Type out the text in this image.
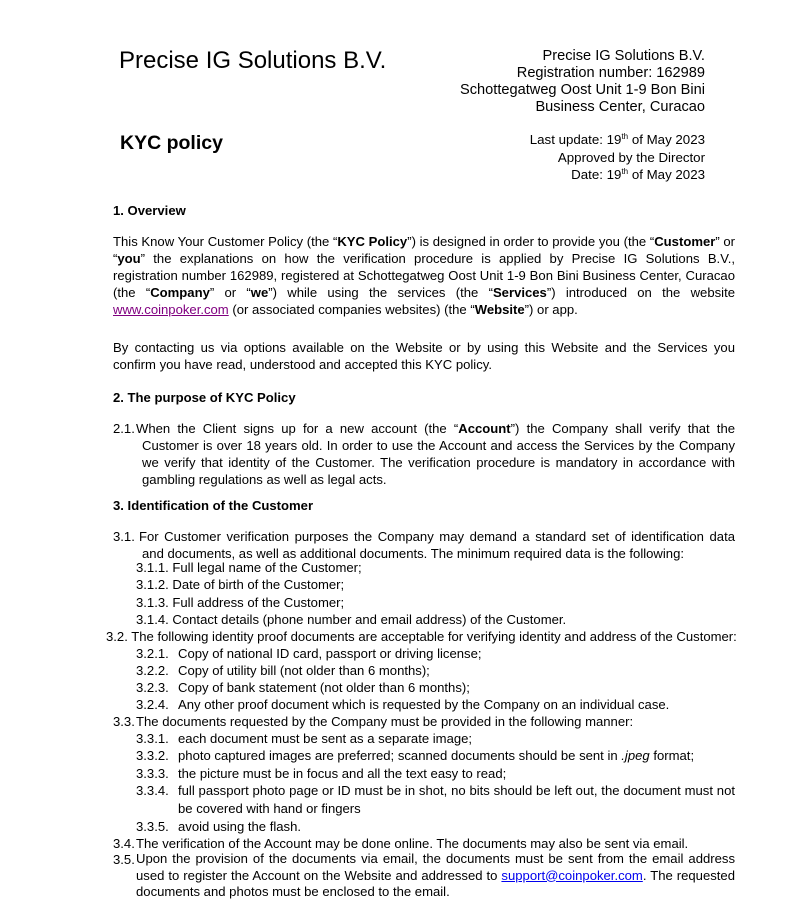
Precise IG Solutions B.V.	Precise IG Solutions B.V.
Registration number: 162989
Schottegatweg Oost Unit 1-9 Bon Bini
Business Center, Curacao
KYC policy	Last update: 19th of May 2023
Approved by the Director
Date: 19th of May 2023
1. Overview
This Know Your Customer Policy (the “KYC Policy”) is designed in order to provide you (the “Customer” or “you” the explanations on how the verification procedure is applied by Precise IG Solutions B.V., registration number 162989, registered at Schottegatweg Oost Unit 1-9 Bon Bini Business Center, Curacao (the “Company” or “we”) while using the services (the “Services”) introduced on the website www.coinpoker.com (or associated companies websites) (the “Website”) or app.
By contacting us via options available on the Website or by using this Website and the Services you confirm you have read, understood and accepted this KYC policy.
2. The purpose of KYC Policy
2.1. When the Client signs up for a new account (the “Account”) the Company shall verify that the Customer is over 18 years old. In order to use the Account and access the Services by the Company we verify that identity of the Customer. The verification procedure is mandatory in accordance with gambling regulations as well as legal acts.
3. Identification of the Customer
3.1. For Customer verification purposes the Company may demand a standard set of identification data and documents, as well as additional documents. The minimum required data is the following:
3.1.1. Full legal name of the Customer;
3.1.2. Date of birth of the Customer;
3.1.3. Full address of the Customer;
3.1.4. Contact details (phone number and email address) of the Customer.
3.2. The following identity proof documents are acceptable for verifying identity and address of the Customer:
3.2.1. Copy of national ID card, passport or driving license;
3.2.2. Copy of utility bill (not older than 6 months);
3.2.3. Copy of bank statement (not older than 6 months);
3.2.4. Any other proof document which is requested by the Company on an individual case.
3.3.The documents requested by the Company must be provided in the following manner:
3.3.1. each document must be sent as a separate image;
3.3.2. photo captured images are preferred; scanned documents should be sent in .jpeg format;
3.3.3. the picture must be in focus and all the text easy to read;
3.3.4. full passport photo page or ID must be in shot, no bits should be left out, the document must not be covered with hand or fingers
3.3.5. avoid using the flash.
3.4.The verification of the Account may be done online. The documents may also be sent via email.
3.5. Upon the provision of the documents via email, the documents must be sent from the email address used to register the Account on the Website and addressed to support@coinpoker.com. The requested documents and photos must be enclosed to the email.
